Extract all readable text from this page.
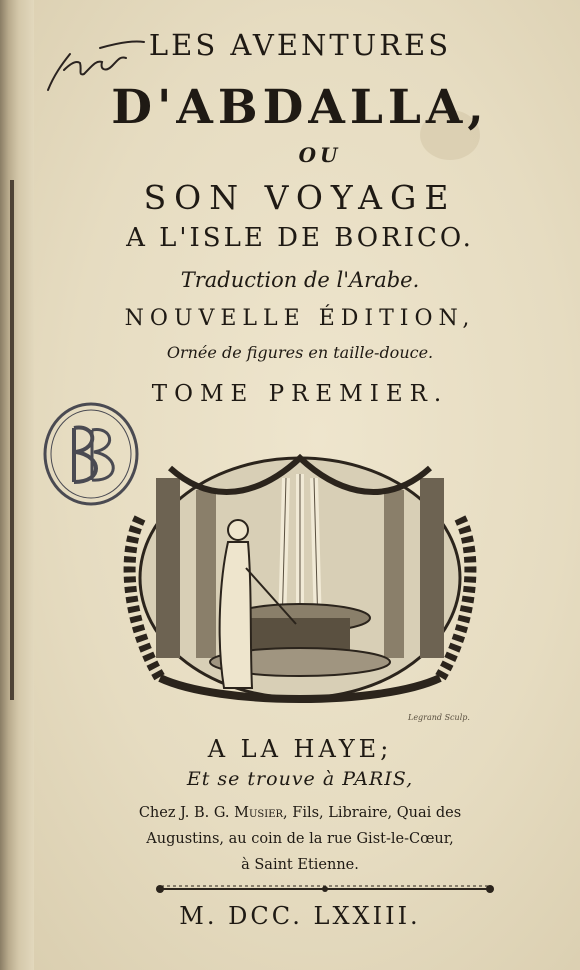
LES AVENTURES
D'ABDALLA,
OU
SON VOYAGE
A L'ISLE DE BORICO.
Traduction de l'Arabe.
NOUVELLE ÉDITION,
Ornée de figures en taille-douce.
TOME PREMIER.
Legrand Sculp.
A LA HAYE;
Et se trouve à PARIS,
Chez J. B. G. Musier, Fils, Libraire, Quai des
Augustins, au coin de la rue Gist-le-Cœur,
à Saint Etienne.
M. DCC. LXXIII.
